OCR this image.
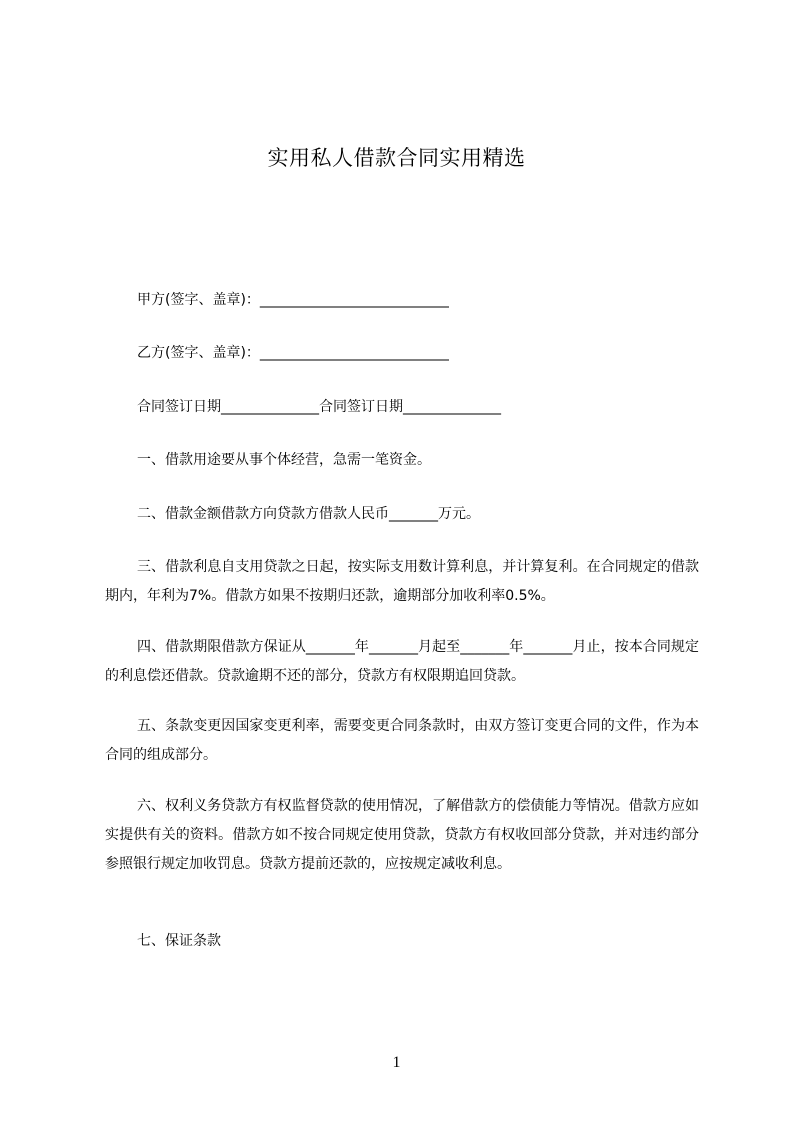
实用私人借款合同实用精选
甲方(签字、盖章)：___________________________
乙方(签字、盖章)：___________________________
合同签订日期______________合同签订日期______________
一、借款用途要从事个体经营，急需一笔资金。
二、借款金额借款方向贷款方借款人民币_______万元。
三、借款利息自支用贷款之日起，按实际支用数计算利息，并计算复利。在合同规定的借款期内，年利为7%。借款方如果不按期归还款，逾期部分加收利率0.5%。
四、借款期限借款方保证从_______年_______月起至_______年_______月止，按本合同规定的利息偿还借款。贷款逾期不还的部分，贷款方有权限期追回贷款。
五、条款变更因国家变更利率，需要变更合同条款时，由双方签订变更合同的文件，作为本合同的组成部分。
六、权利义务贷款方有权监督贷款的使用情况，了解借款方的偿债能力等情况。借款方应如实提供有关的资料。借款方如不按合同规定使用贷款，贷款方有权收回部分贷款，并对违约部分参照银行规定加收罚息。贷款方提前还款的，应按规定减收利息。
七、保证条款
1
